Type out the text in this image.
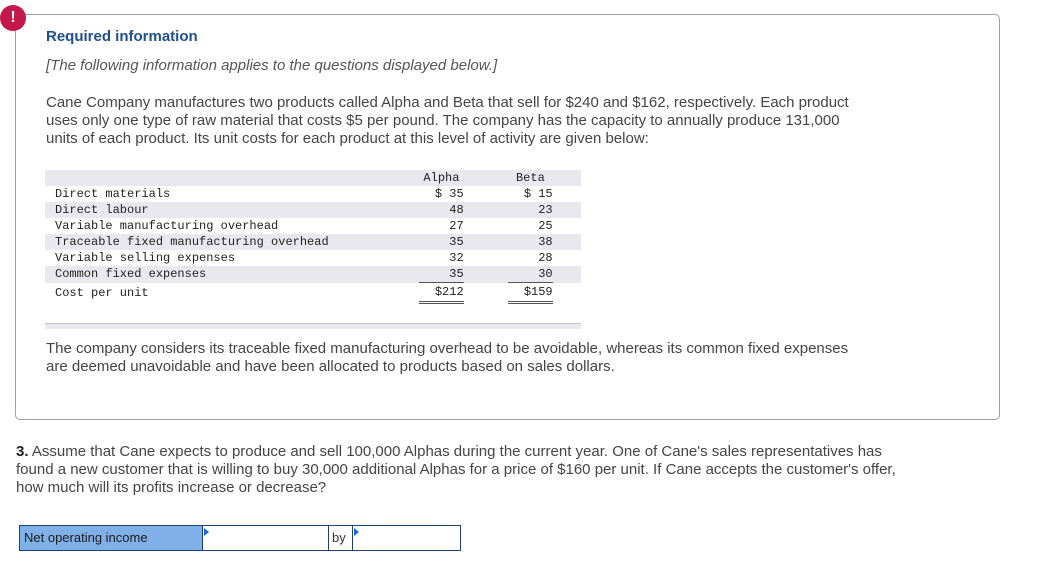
!
Required information
[The following information applies to the questions displayed below.]
Cane Company manufactures two products called Alpha and Beta that sell for $240 and $162, respectively. Each product
uses only one type of raw material that costs $5 per pound. The company has the capacity to annually produce 131,000
units of each product. Its unit costs for each product at this level of activity are given below:
	Alpha		Beta	
Direct materials	$ 35		$ 15	
Direct labour	48		23	
Variable manufacturing overhead	27		25	
Traceable fixed manufacturing overhead	35		38	
Variable selling expenses	32		28	
Common fixed expenses	35		30	
Cost per unit	$212		$159	
The company considers its traceable fixed manufacturing overhead to be avoidable, whereas its common fixed expenses
are deemed unavoidable and have been allocated to products based on sales dollars.
3. Assume that Cane expects to produce and sell 100,000 Alphas during the current year. One of Cane's sales representatives has
found a new customer that is willing to buy 30,000 additional Alphas for a price of $160 per unit. If Cane accepts the customer's offer,
how much will its profits increase or decrease?
Net operating income	by
